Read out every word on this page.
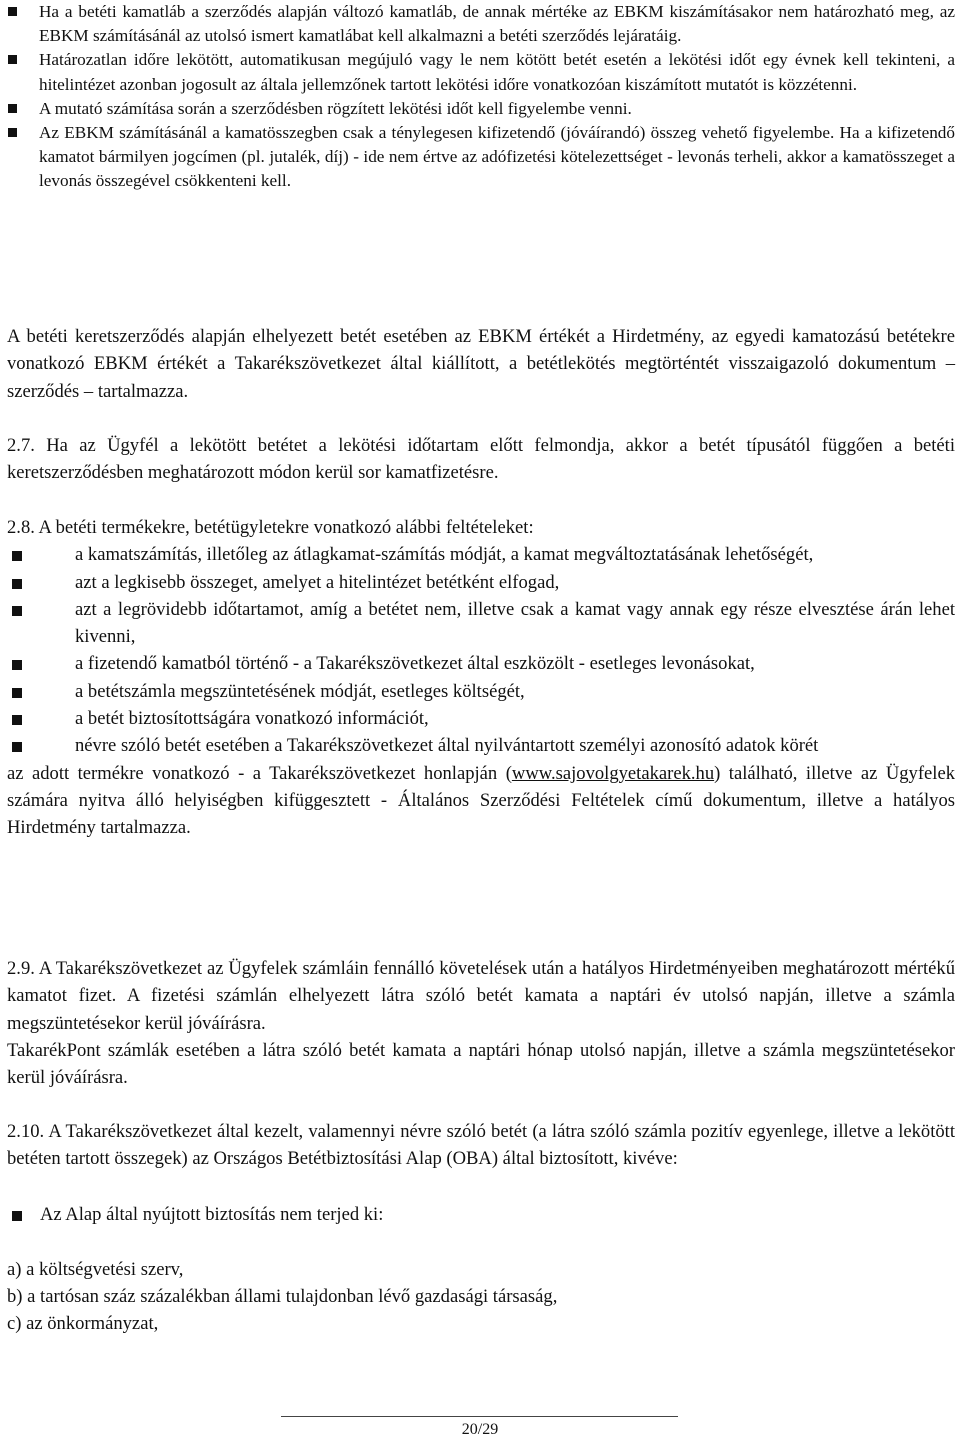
Ha a betéti kamatláb a szerződés alapján változó kamatláb, de annak mértéke az EBKM kiszámításakor nem határozható meg, az EBKM számításánál az utolsó ismert kamatlábat kell alkalmazni a betéti szerződés lejáratáig.
Határozatlan időre lekötött, automatikusan megújuló vagy le nem kötött betét esetén a lekötési időt egy évnek kell tekinteni, a hitelintézet azonban jogosult az általa jellemzőnek tartott lekötési időre vonatkozóan kiszámított mutatót is közzétenni.
A mutató számítása során a szerződésben rögzített lekötési időt kell figyelembe venni.
Az EBKM számításánál a kamatösszegben csak a ténylegesen kifizetendő (jóváírandó) összeg vehető figyelembe. Ha a kifizetendő kamatot bármilyen jogcímen (pl. jutalék, díj) - ide nem értve az adófizetési kötelezettséget - levonás terheli, akkor a kamatösszeget a levonás összegével csökkenteni kell.

A betéti keretszerződés alapján elhelyezett betét esetében az EBKM értékét a Hirdetmény, az egyedi kamatozású betétekre vonatkozó EBKM értékét a Takarékszövetkezet által kiállított, a betétlekötés megtörténtét visszaigazoló dokumentum – szerződés – tartalmazza.

2.7. Ha az Ügyfél a lekötött betétet a lekötési időtartam előtt felmondja, akkor a betét típusától függően a betéti keretszerződésben meghatározott módon kerül sor kamatfizetésre.

2.8. A betéti termékekre, betétügyletekre vonatkozó alábbi feltételeket:

a kamatszámítás, illetőleg az átlagkamat-számítás módját, a kamat megváltoztatásának lehetőségét,
azt a legkisebb összeget, amelyet a hitelintézet betétként elfogad,
azt a legrövidebb időtartamot, amíg a betétet nem, illetve csak a kamat vagy annak egy része elvesztése árán lehet kivenni,
a fizetendő kamatból történő - a Takarékszövetkezet által eszközölt - esetleges levonásokat,
a betétszámla megszüntetésének módját, esetleges költségét,
a betét biztosítottságára vonatkozó információt,
névre szóló betét esetében a Takarékszövetkezet által nyilvántartott személyi azonosító adatok körét

az adott termékre vonatkozó - a Takarékszövetkezet honlapján (www.sajovolgyetakarek.hu) található, illetve az Ügyfelek számára nyitva álló helyiségben kifüggesztett - Általános Szerződési Feltételek című dokumentum, illetve a hatályos Hirdetmény tartalmazza.

2.9. A Takarékszövetkezet az Ügyfelek számláin fennálló követelések után a hatályos Hirdetményeiben meghatározott mértékű kamatot fizet. A fizetési számlán elhelyezett látra szóló betét kamata a naptári év utolsó napján, illetve a számla megszüntetésekor kerül jóváírásra.

TakarékPont számlák esetében a látra szóló betét kamata a naptári hónap utolsó napján, illetve a számla megszüntetésekor kerül jóváírásra.

2.10. A Takarékszövetkezet által kezelt, valamennyi névre szóló betét (a látra szóló számla pozitív egyenlege, illetve a lekötött betéten tartott összegek) az Országos Betétbiztosítási Alap (OBA) által biztosított, kivéve:

Az Alap által nyújtott biztosítás nem terjed ki:

a) a költségvetési szerv,

b) a tartósan száz százalékban állami tulajdonban lévő gazdasági társaság,

c) az önkormányzat,

20/29
